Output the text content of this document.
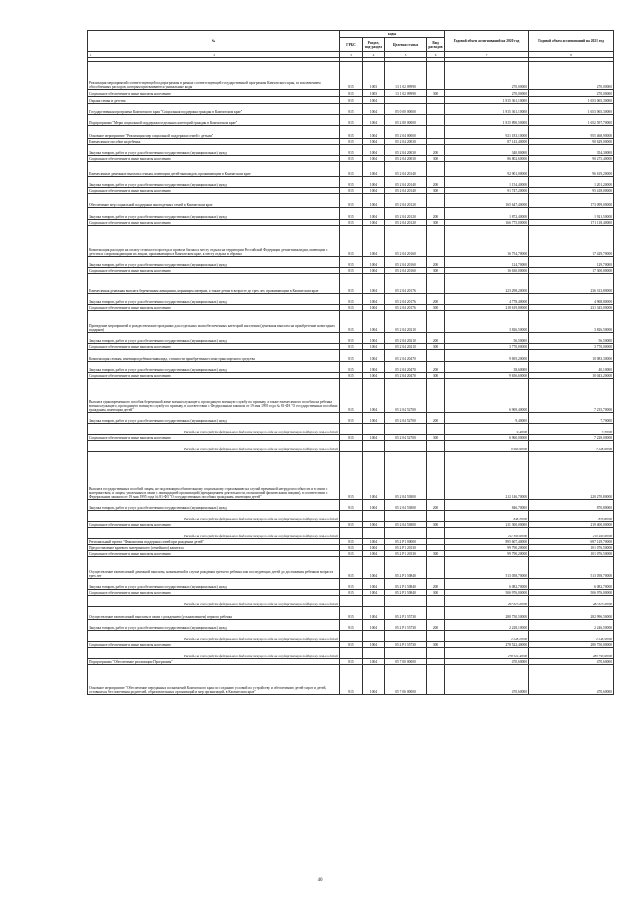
№	коды				Годовой объем ассигнований на 2020 год	Годовой объем ассигнований на 2021 год
	ГРБС	Раздел, под-раздел	Целевая статья	Вид расходов		

1 2	3	4	5	6	7	8

Реализация мероприятий соответствующей подпрограммы в рамках соответствующей государственной программы Камчатского края, за исключением обособленных расходов, которым присваиваются уникальные коды	815	1003	13 1 02 09990		270,00000	270,00000
Социальное обеспечение и иные выплаты населению	815	1003	13 1 02 09990	300	270,00000	270,00000
Охрана семьи и детства	815	1004			1 815 361,10000	1 653 065,30000
Государственная программа Камчатского края "Социальная поддержка граждан в Камчатском крае"	815	1004	05 0 00 00000		1 815 361,10000	1 653 065,30000
Подпрограмма "Меры социальной поддержки отдельных категорий граждан в Камчатском крае"	815	1004	05 2 00 00000		1 815 890,50000	1 652 597,70000
Основное мероприятие "Реализация мер социальной поддержки семей с детьми"	815	1004	05 2 04 00000		921 183,10000	955 468,90000
Ежемесячное пособие на ребенка	815	1004	05 2 04 20030		87 143,40000	90 629,00000
Закупка товаров, работ и услуг для обеспечения государственных (муниципальных) нужд	815	1004	05 2 04 20030	200	340,80000	354,30000
Социальное обеспечение и иные выплаты населению	815	1004	05 2 04 20030	300	86 802,60000	90 275,40000
Ежемесячные денежные выплаты семьям, имеющим детей-инвалидов, проживающим в Камчатском крае	815	1004	05 2 04 20140		92 901,00000	96 619,20000
Закупка товаров, работ и услуг для обеспечения государственных (муниципальных) нужд	815	1004	05 2 04 20140	200	1 154,40000	1 201,20000
Социальное обеспечение и иные выплаты населению	815	1004	05 2 04 20140	300	91 747,20000	95 418,00000
Обеспечение мер социальной поддержки многодетных семей в Камчатском крае	815	1004	05 2 04 20120		165 647,40000	173 099,00000
Закупка товаров, работ и услуг для обеспечения государственных (муниципальных) нужд	815	1004	05 2 04 20120	200	1 872,40000	1 921,50000
Социальное обеспечение и иные выплаты населению	815	1004	05 2 04 20120	300	166 775,00000	171 118,40000
Компенсация расходов на оплату стоимости проезда и провоза багажа к месту отдыха на территории Российской Федерации детям-инвалидам, имеющим с детства и сопровождающим их лицам, проживающим в Камчатском крае, к месту отдыха и обратно	815	1004	05 2 04 20160		16 754,70000	17 429,70000
Закупка товаров, работ и услуг для обеспечения государственных (муниципальных) нужд	815	1004	05 2 04 20160	200	124,70000	129,70000
Социальное обеспечение и иные выплаты населению	815	1004	05 2 04 20160	300	16 630,00000	17 300,00000
Ежемесячная денежная выплата беременным женщинам, кормящим матерям, а также детям в возрасте до трех лет, проживающим в Камчатском крае	815	1004	05 2 04 20176		223 298,20000	236 313,80000
Закупка товаров, работ и услуг для обеспечения государственных (муниципальных) нужд	815	1004	05 2 04 20176	200	4 778,40000	4 968,80000
Социальное обеспечение и иные выплаты населению	815	1004	05 2 04 20176	300	218 619,80000	231 345,00000
Проведение мероприятий в рождественские праздники для отдельных малообеспеченных категорий населения (денежная выплата на приобретение новогодних подарков)	815	1004	05 2 04 20210		3 826,50000	3 826,50000
Закупка товаров, работ и услуг для обеспечения государственных (муниципальных) нужд	815	1004	05 2 04 20210	200	56,50000	56,50000
Социальное обеспечение и иные выплаты населению	815	1004	05 2 04 20210	300	3 770,00000	3 770,00000
Компенсация семьям, имеющим ребенка-инвалида, стоимости приобретенного ими транспортного средства	815	1004	05 2 04 20470		9 695,20000	10 083,30000
Закупка товаров, работ и услуг для обеспечения государственных (муниципальных) нужд	815	1004	05 2 04 20470	200	38,60000	40,10000
Социальное обеспечение и иные выплаты населению	815	1004	05 2 04 20470	300	9 656,60000	10 043,20000
Выплата единовременного пособия беременной жене военнослужащего, проходящего военную службу по призыву, а также ежемесячного пособия на ребенка военнослужащего, проходящего военную службу по призыву, в соответствии с Федеральным законом от 19 мая 1995 года № 81-ФЗ "О государственных пособиях гражданам, имеющим детей"	815	1004	05 2 04 52700		6 969,40000	7 235,70000
Закупка товаров, работ и услуг для обеспечения государственных (муниципальных) нужд	815	1004	05 2 04 52700	200	9,40000	7,70000
Расходы за счет средств федерального бюджета текущего года на государственную поддержку семьи и детей					9,40000	7,70000
Социальное обеспечение и иные выплаты населению	815	1004	05 2 04 52700	300	6 960,00000	7 228,00000
Расходы за счет средств федерального бюджета текущего года на государственную поддержку семьи и детей					6 960,00000	7 228,00000
Выплата государственных пособий лицам, не подлежащим обязательному социальному страхованию на случай временной нетрудоспособности и в связи с материнством, и лицам, уволенным в связи с ликвидацией организаций (прекращением деятельности, полномочий физическими лицами), в соответствии с Федеральным законом от 19 мая 1995 года № 81-ФЗ "О государственных пособиях гражданам, имеющим детей"	815	1004	05 2 04 53800		212 146,70000	220 270,80000
Закупка товаров, работ и услуг для обеспечения государственных (муниципальных) нужд	815	1004	05 2 04 53800	200	846,70000	870,80000
Расходы за счет средств федерального бюджета текущего года на государственную поддержку семьи и детей					846,70000	870,80000
Социальное обеспечение и иные выплаты населению	815	1004	05 2 04 53800	300	211 300,00000	219 400,00000
Расходы за счет средств федерального бюджета текущего года на государственную поддержку семьи и детей					211 300,00000	219 400,00000
Региональный проект "Финансовая поддержка семей при рождении детей"	815	1004	05 2 P1 00000		895 607,40000	697 129,70000
Предоставление краевого материнского (семейного) капитала	815	1004	05 2 P1 20130		99 790,20000	101 076,50000
Социальное обеспечение и иные выплаты населению	815	1004	05 2 P1 20130	300	99 790,20000	101 076,50000
Осуществление ежемесячной денежной выплаты, назначаемой в случае рождения третьего ребенка или последующих детей до достижения ребенком возраста трех лет	815	1004	05 2 P1 50840		513 058,70000	513 058,70000
Закупка товаров, работ и услуг для обеспечения государственных (муниципальных) нужд	815	1004	05 2 P1 50840	200	6 082,70000	6 082,70000
Социальное обеспечение и иные выплаты населению	815	1004	05 2 P1 50840	300	506 976,00000	506 976,00000
Расходы за счет средств федерального бюджета текущего года на государственную поддержку семьи и детей					497 627,20000	481 627,20000
Осуществление ежемесячной выплаты в связи с рождением (усыновлением) первого ребенка	815	1004	05 2 P1 55730		280 750,50000	282 996,50000
Закупка товаров, работ и услуг для обеспечения государственных (муниципальных) нужд	815	1004	05 2 P1 55730	200	2 228,10000	2 246,50000
Расходы за счет средств федерального бюджета текущего года на государственную поддержку семьи и детей					2 228,10000	2 246,50000
Социальное обеспечение и иные выплаты населению	815	1004	05 2 P1 55730	300	278 522,40000	280 750,00000
Расходы за счет средств федерального бюджета текущего года на государственную поддержку семьи и детей					278 522,40000	280 750,00000
Подпрограмма "Обеспечение реализации Программы"	815	1004	05 7 00 00000		470,60000	470,60000
Основное мероприятие "Обеспечение переданных полномочий Камчатского края по созданию условий по устройству и обеспечению детей-сирот и детей, оставшихся без попечения родителей, образовательных организаций и мер организаций, в Камчатском крае"	815	1004	05 7 06 00000		470,60000	470,60000
40
